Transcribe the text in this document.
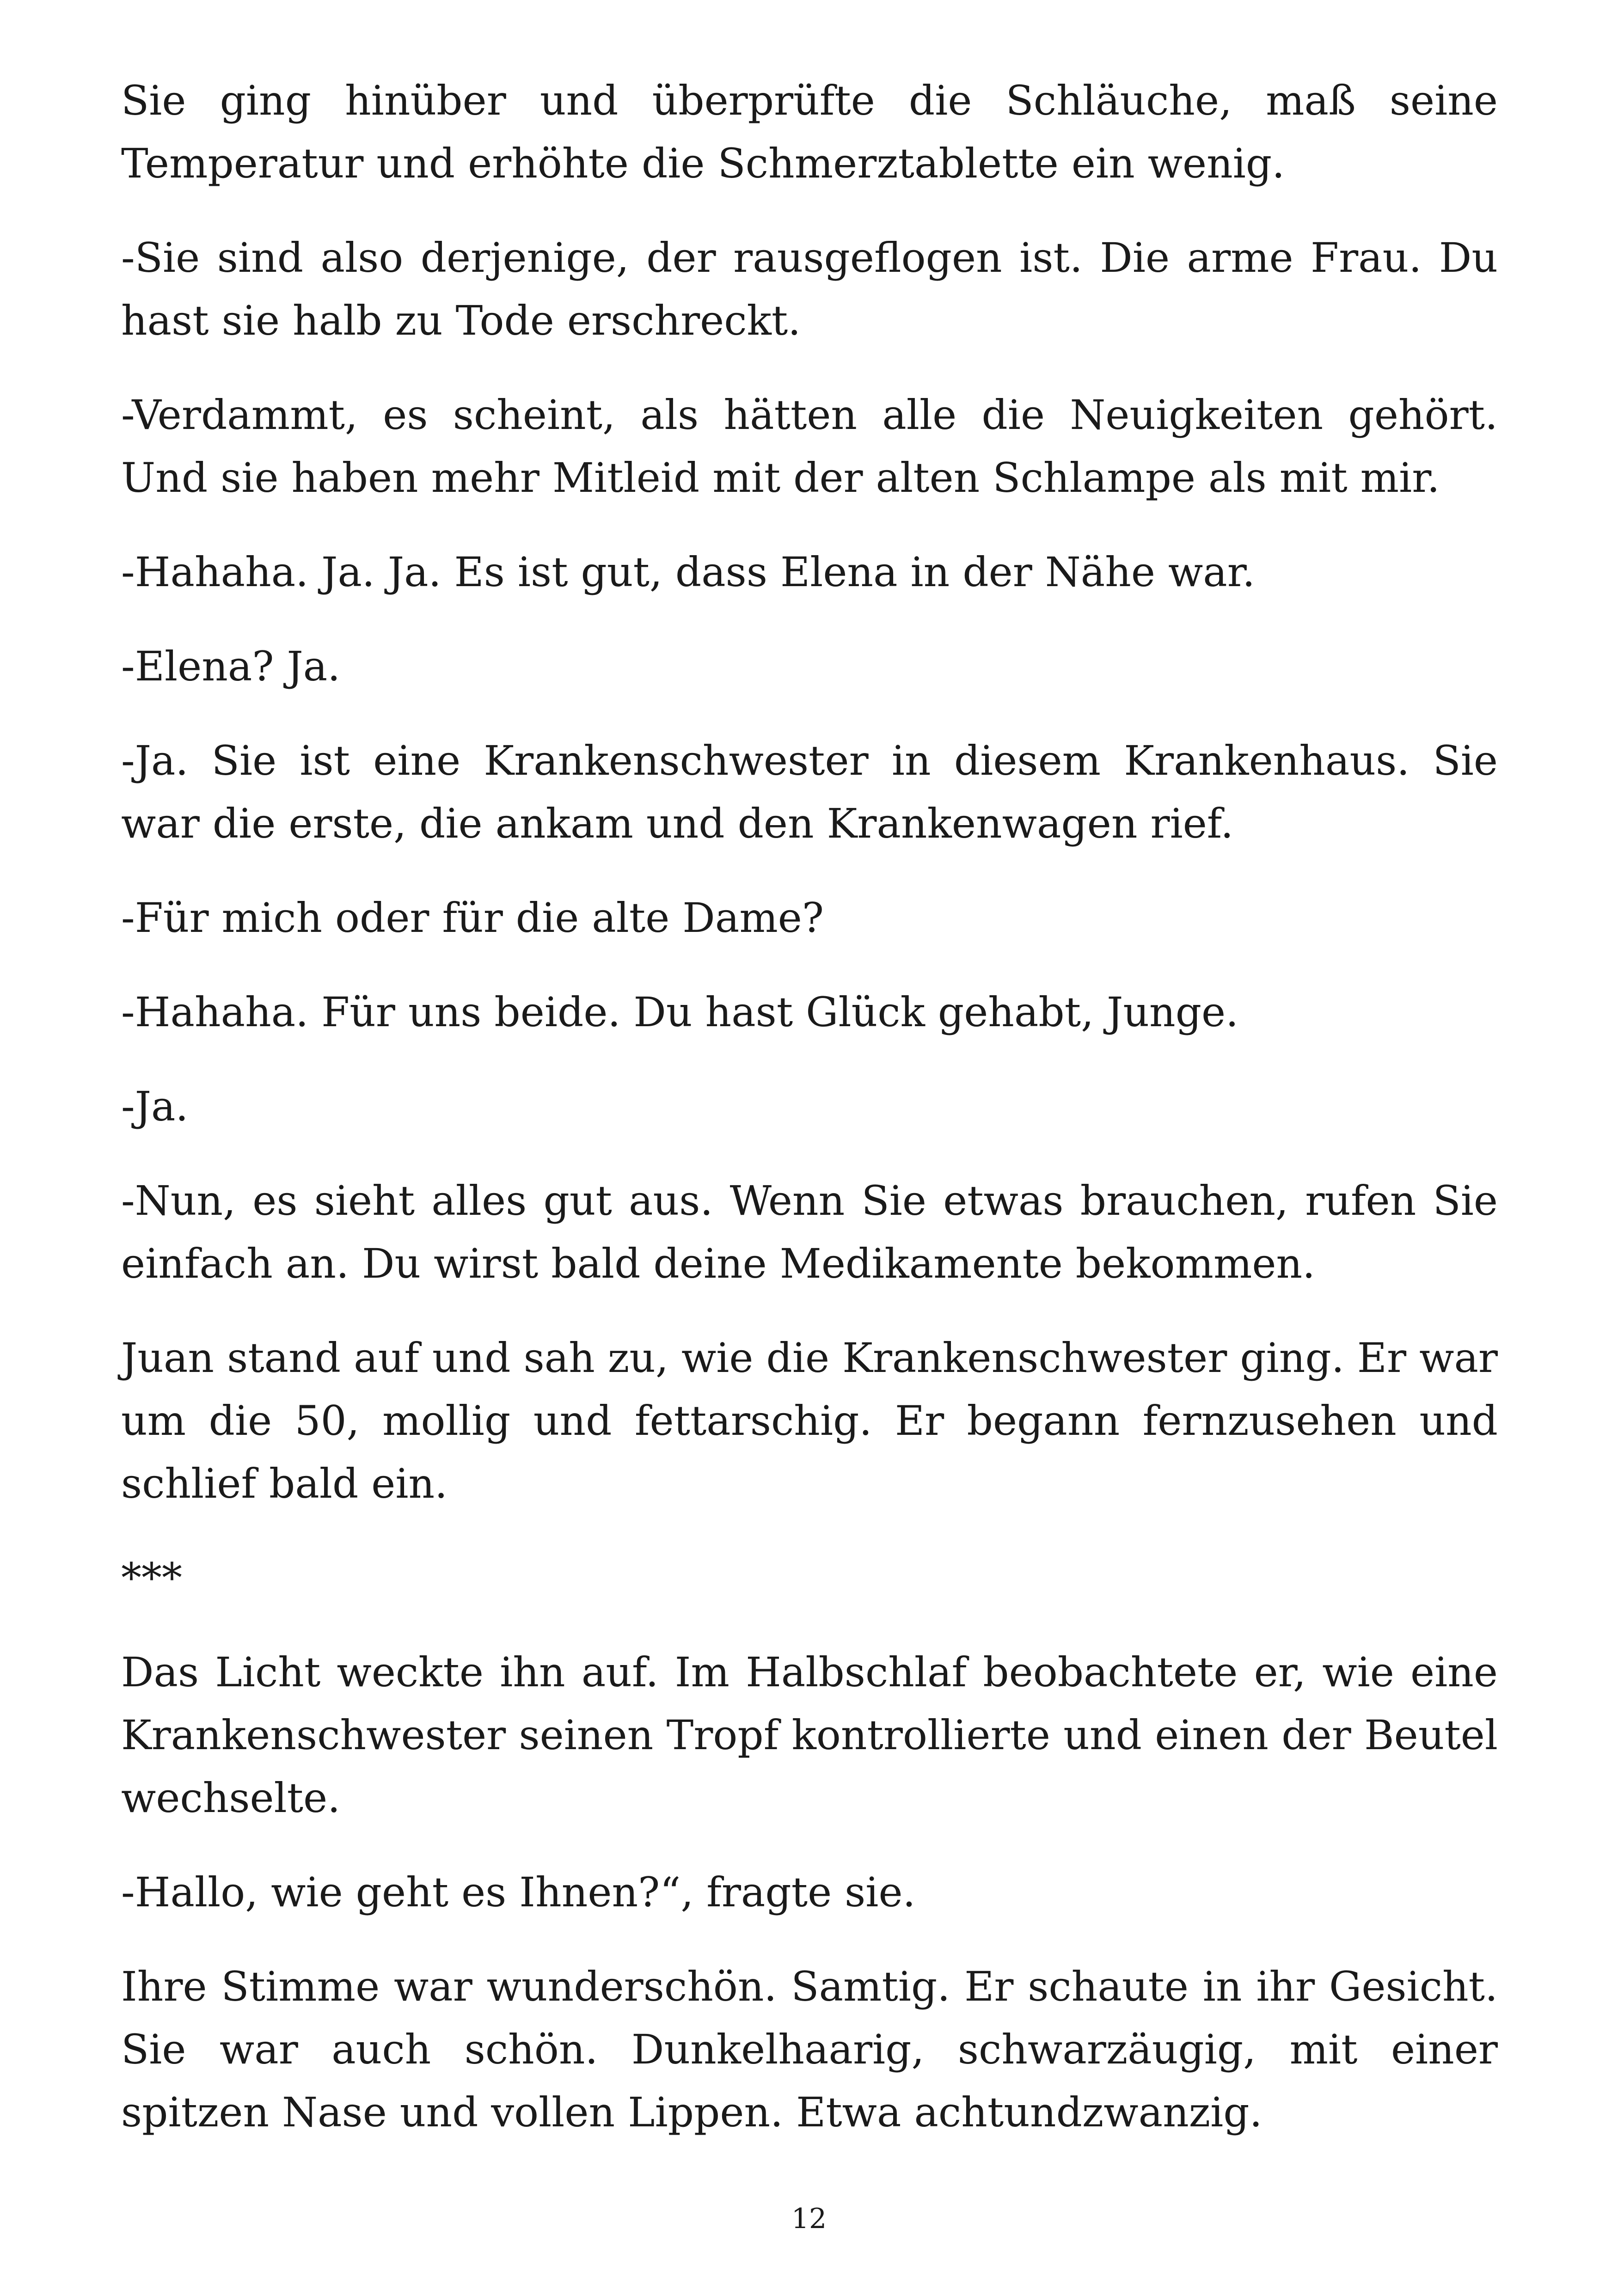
Sie ging hinüber und überprüfte die Schläuche, maß seine Temperatur und erhöhte die Schmerztablette ein wenig.

-Sie sind also derjenige, der rausgeflogen ist. Die arme Frau. Du hast sie halb zu Tode erschreckt.

-Verdammt, es scheint, als hätten alle die Neuigkeiten gehört. Und sie haben mehr Mitleid mit der alten Schlampe als mit mir.

-Hahaha. Ja. Ja. Es ist gut, dass Elena in der Nähe war.

-Elena? Ja.

-Ja. Sie ist eine Krankenschwester in diesem Krankenhaus. Sie war die erste, die ankam und den Krankenwagen rief.

-Für mich oder für die alte Dame?

-Hahaha. Für uns beide. Du hast Glück gehabt, Junge.

-Ja.

-Nun, es sieht alles gut aus. Wenn Sie etwas brauchen, rufen Sie einfach an. Du wirst bald deine Medikamente bekommen.

Juan stand auf und sah zu, wie die Krankenschwester ging. Er war um die 50, mollig und fettarschig. Er begann fernzusehen und schlief bald ein.

***

Das Licht weckte ihn auf. Im Halbschlaf beobachtete er, wie eine Krankenschwester seinen Tropf kontrollierte und einen der Beutel wechselte.

-Hallo, wie geht es Ihnen?“, fragte sie.

Ihre Stimme war wunderschön. Samtig. Er schaute in ihr Gesicht. Sie war auch schön. Dunkelhaarig, schwarzäugig, mit einer spitzen Nase und vollen Lippen. Etwa achtundzwanzig.

12
